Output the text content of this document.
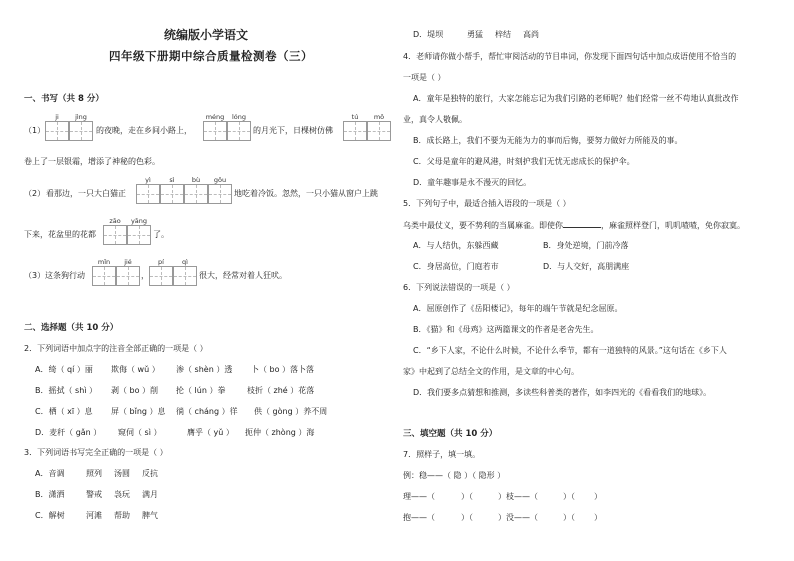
统编版小学语文
四年级下册期中综合质量检测卷（三）
一、书写（共 8 分）
ji	jìng
（1）	的夜晚，走在乡间小路上，
méng	lóng
的月光下，日棵树仿佛
tú	mǒ
卷上了一层银霜，增添了神秘的色彩。
yì	sì	bù	gǒu
（2） 看那边，一只大白猫正	地吃着冷饭。忽然，一只小猫从窗户上跳
zāo	yāng
下来，花盆里的花都	了。
mǐn	jié
（3） 这条狗行动	，
pí	qì
很大，经常对着人狂吠。
二、选择题（共 10 分）
2．下列词语中加点字的注音全部正确的一项是（ ）
A．绮（ qí ）丽 欺侮（ wǔ ） 渗（ shèn ）透 卜（ bo ）落卜落
B．摇拭（ shì ） 剥（ bo ）削 抡（ lún ）拳	枝折（ zhé ）花落
C．栖（ xī ）息 屏（ bǐng ）息 徜（ cháng ）徉 供（ gòng ）养不周
D．麦秆（ gǎn ） 窥伺（ sì ）	膺乎（ yǔ ） 扼仲（ zhòng ）海
3．下列词语书写完全正确的一项是（ ）
A．音调	照列 汤圆 反抗
B．潇洒	警戒 袅玩 满月
C．解树	河滩 帮助 脾气
D．堤坝	勇猛 梓结 高尚
4．老师请你做小帮手，帮忙审阅活动的节目串词，你发现下面四句话中加点成语使用不恰当的
一项是（ ）
A．童年是独特的旅行，大家怎能忘记为我们引路的老师呢？他们经常一丝不苟地认真批改作
业，真令人敬佩。
B．成长路上，我们不要为无能为力的事而后悔，要努力做好力所能及的事。
C．父母是童年的避风港，时刻护我们无忧无虑成长的保护伞。
D．童年趣事是永不漫灭的回忆。
5．下列句子中，最适合插入语段的一项是（ ）
乌类中最仗义，要不势利的当属麻雀。即使你	，麻雀照样登门，叽叽喳喳，免你寂寞。
A．与人结仇，东躲西藏	B．身处逆境，门前冷落
C．身居高位，门庭若市	D．与人交好，高朋满座
6．下列说法错误的一项是（ ）
A．屈原创作了《岳阳楼记》，每年的端午节就是纪念屈原。
B．《猫》和《母鸡》这两篇课文的作者是老舍先生。
C．“乡下人家，不论什么时候，不论什么季节，都有一道独特的风景。”这句话在《乡下人
家》中起到了总结全文的作用，是文章的中心句。
D．我们要多点猜想和推测，多读些科普类的著作，如李四光的《看看我们的地球》。
三、填空题（共 10 分）
7．照样子，填一填。
例：稳——（ 隐 ）（ 隐形 ）
理——（	）（	） 枝——（	）（ ）
抱——（	）（	） 没——（	）（ ）
